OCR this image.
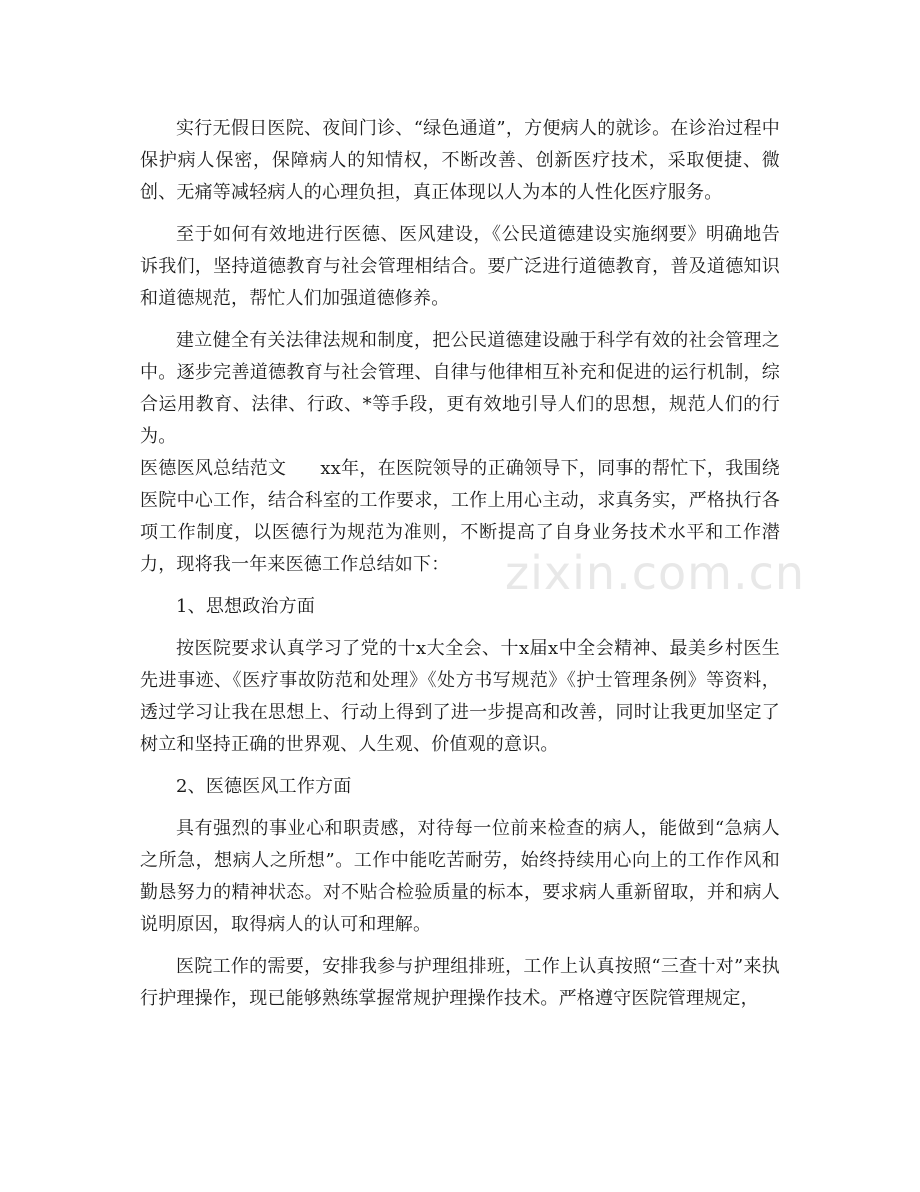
实行无假日医院、夜间门诊、“绿色通道”，方便病人的就诊。在诊治过程中保护病人保密，保障病人的知情权，不断改善、创新医疗技术，采取便捷、微创、无痛等减轻病人的心理负担，真正体现以人为本的人性化医疗服务。

至于如何有效地进行医德、医风建设，《公民道德建设实施纲要》明确地告诉我们，坚持道德教育与社会管理相结合。要广泛进行道德教育，普及道德知识和道德规范，帮忙人们加强道德修养。

建立健全有关法律法规和制度，把公民道德建设融于科学有效的社会管理之中。逐步完善道德教育与社会管理、自律与他律相互补充和促进的运行机制，综合运用教育、法律、行政、*等手段，更有效地引导人们的思想，规范人们的行为。

医德医风总结范文 xx年，在医院领导的正确领导下，同事的帮忙下，我围绕医院中心工作，结合科室的工作要求，工作上用心主动，求真务实，严格执行各项工作制度，以医德行为规范为准则，不断提高了自身业务技术水平和工作潜力，现将我一年来医德工作总结如下：

1、思想政治方面

按医院要求认真学习了党的十x大全会、十x届x中全会精神、最美乡村医生先进事迹、《医疗事故防范和处理》《处方书写规范》《护士管理条例》等资料，透过学习让我在思想上、行动上得到了进一步提高和改善，同时让我更加坚定了树立和坚持正确的世界观、人生观、价值观的意识。

2、医德医风工作方面

具有强烈的事业心和职责感，对待每一位前来检查的病人，能做到“急病人之所急，想病人之所想”。工作中能吃苦耐劳，始终持续用心向上的工作作风和勤恳努力的精神状态。对不贴合检验质量的标本，要求病人重新留取，并和病人说明原因，取得病人的认可和理解。

医院工作的需要，安排我参与护理组排班，工作上认真按照“三查十对”来执行护理操作，现已能够熟练掌握常规护理操作技术。严格遵守医院管理规定，

zixin.com.cn
